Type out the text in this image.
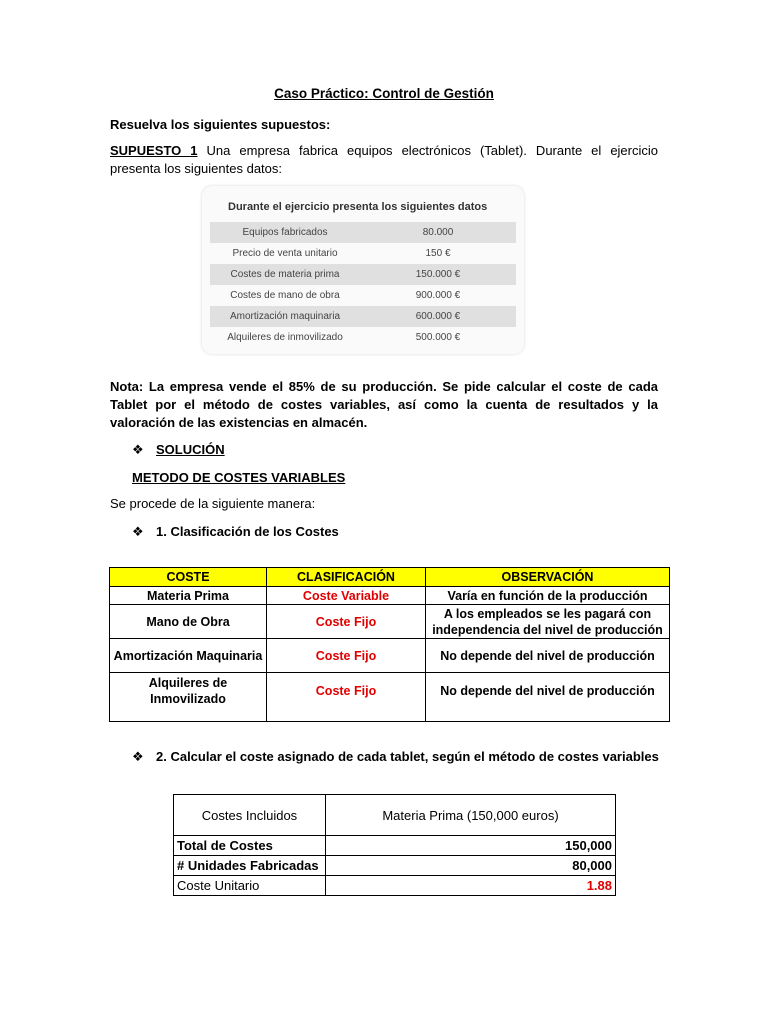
Caso Práctico: Control de Gestión
Resuelva los siguientes supuestos:
SUPUESTO 1 Una empresa fabrica equipos electrónicos (Tablet). Durante el ejercicio presenta los siguientes datos:
Durante el ejercicio presenta los siguientes datos
Equipos fabricados	80.000
Precio de venta unitario	150 €
Costes de materia prima	150.000 €
Costes de mano de obra	900.000 €
Amortización maquinaria	600.000 €
Alquileres de inmovilizado	500.000 €
Nota: La empresa vende el 85% de su producción. Se pide calcular el coste de cada Tablet por el método de costes variables, así como la cuenta de resultados y la valoración de las existencias en almacén.
❖ SOLUCIÓN
METODO DE COSTES VARIABLES
Se procede de la siguiente manera:
❖ 1. Clasificación de los Costes
COSTE	CLASIFICACIÓN	OBSERVACIÓN
Materia Prima	Coste Variable	Varía en función de la producción
Mano de Obra	Coste Fijo	A los empleados se les pagará con independencia del nivel de producción
Amortización Maquinaria	Coste Fijo	No depende del nivel de producción
Alquileres de Inmovilizado	Coste Fijo	No depende del nivel de producción
❖ 2. Calcular el coste asignado de cada tablet, según el método de costes variables
Costes Incluidos	Materia Prima (150,000 euros)
Total de Costes	150,000
# Unidades Fabricadas	80,000
Coste Unitario	1.88
